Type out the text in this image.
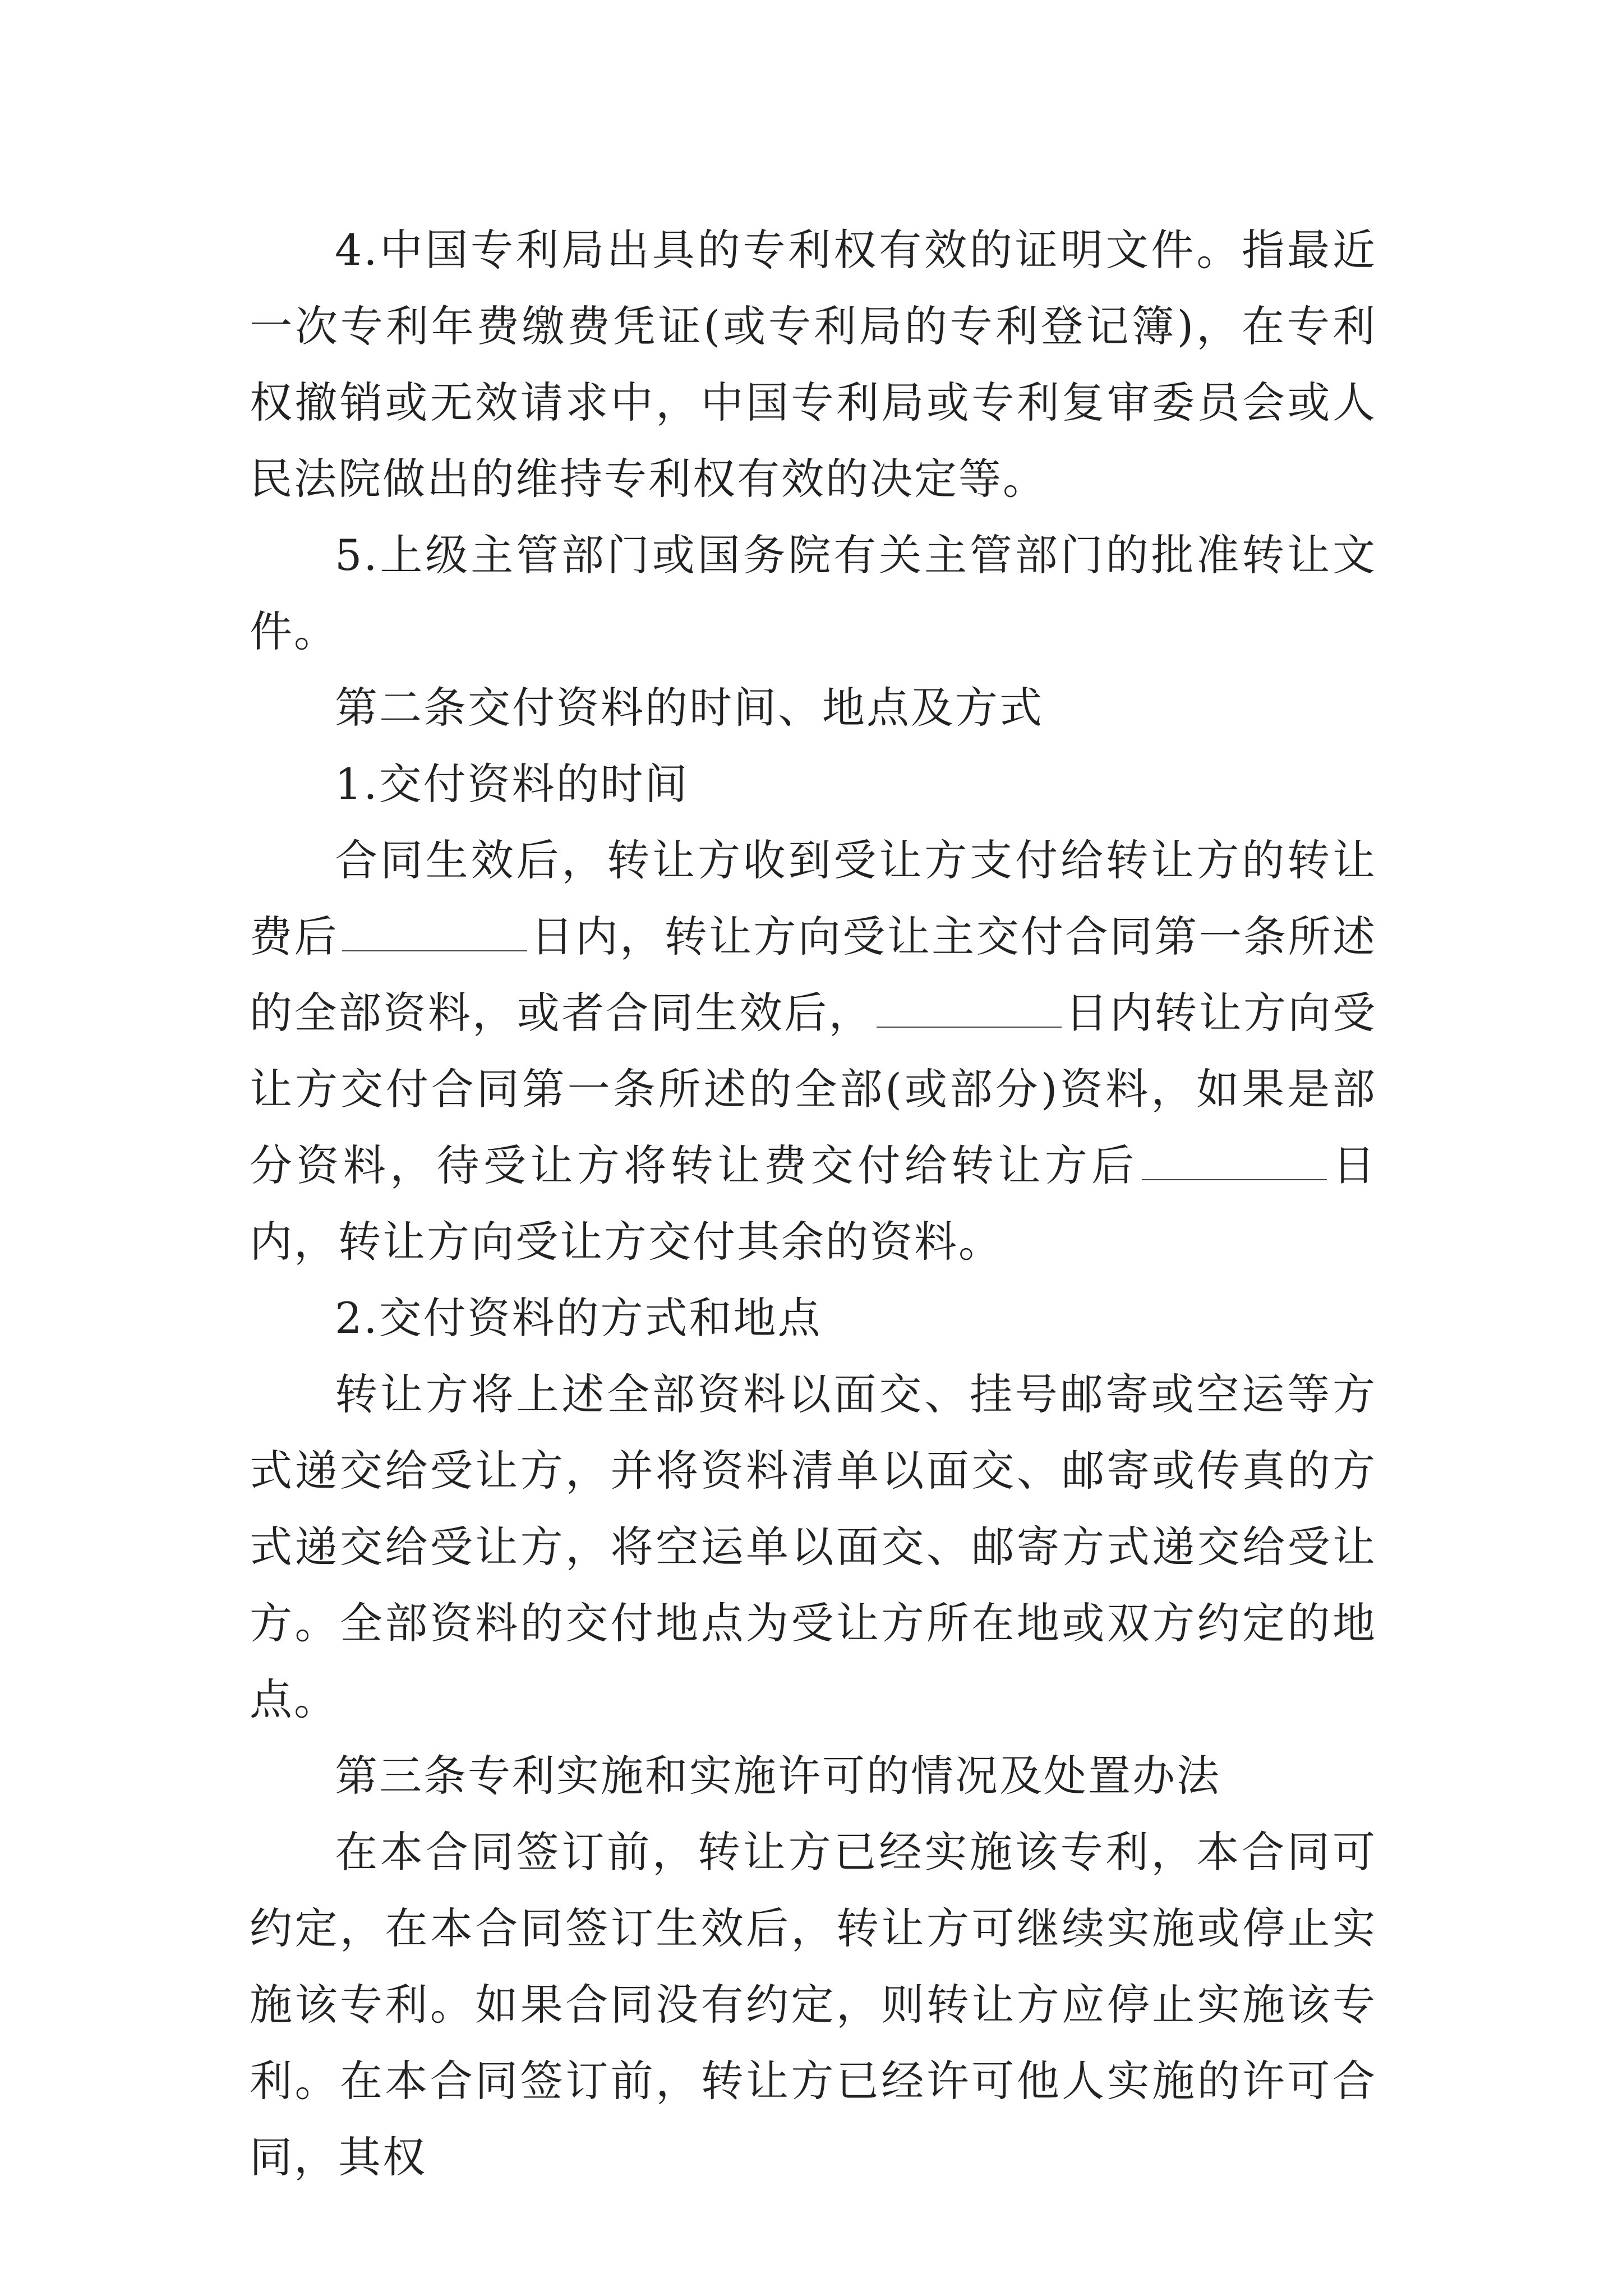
4.中国专利局出具的专利权有效的证明文件。指最近一次专利年费缴费凭证(或专利局的专利登记簿)，在专利权撤销或无效请求中，中国专利局或专利复审委员会或人民法院做出的维持专利权有效的决定等。

5.上级主管部门或国务院有关主管部门的批准转让文件。

第二条交付资料的时间、地点及方式

1.交付资料的时间

合同生效后，转让方收到受让方支付给转让方的转让费后	日内，转让方向受让主交付合同第一条所述的全部资料，或者合同生效后，	日内转让方向受让方交付合同第一条所述的全部(或部分)资料，如果是部分资料，待受让方将转让费交付给转让方后	日内，转让方向受让方交付其余的资料。

2.交付资料的方式和地点

转让方将上述全部资料以面交、挂号邮寄或空运等方式递交给受让方，并将资料清单以面交、邮寄或传真的方式递交给受让方，将空运单以面交、邮寄方式递交给受让方。全部资料的交付地点为受让方所在地或双方约定的地点。

第三条专利实施和实施许可的情况及处置办法

在本合同签订前，转让方已经实施该专利，本合同可约定，在本合同签订生效后，转让方可继续实施或停止实施该专利。如果合同没有约定，则转让方应停止实施该专利。在本合同签订前，转让方已经许可他人实施的许可合同，其权
